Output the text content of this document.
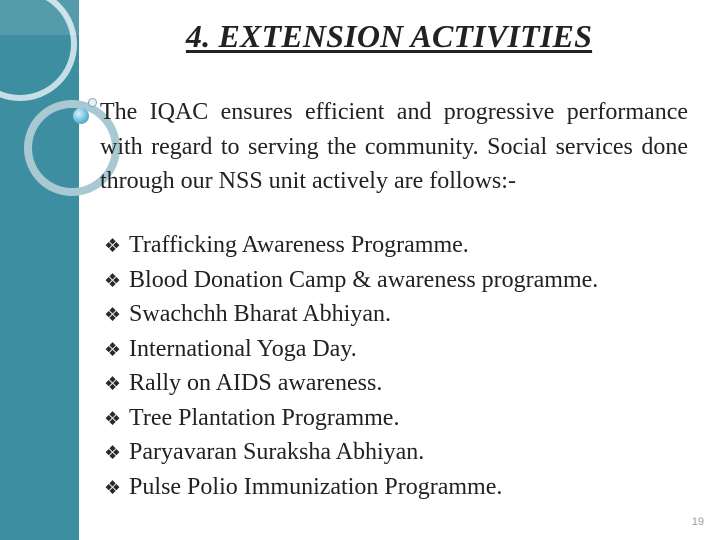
4. EXTENSION ACTIVITIES
The IQAC ensures efficient and progressive performance with regard to serving the community. Social services done through our NSS unit actively are follows:-
❖ Trafficking Awareness Programme.
❖ Blood Donation Camp & awareness programme.
❖ Swachchh Bharat Abhiyan.
❖ International Yoga Day.
❖ Rally on AIDS awareness.
❖ Tree Plantation Programme.
❖ Paryavaran Suraksha Abhiyan.
❖ Pulse Polio Immunization Programme.
19
